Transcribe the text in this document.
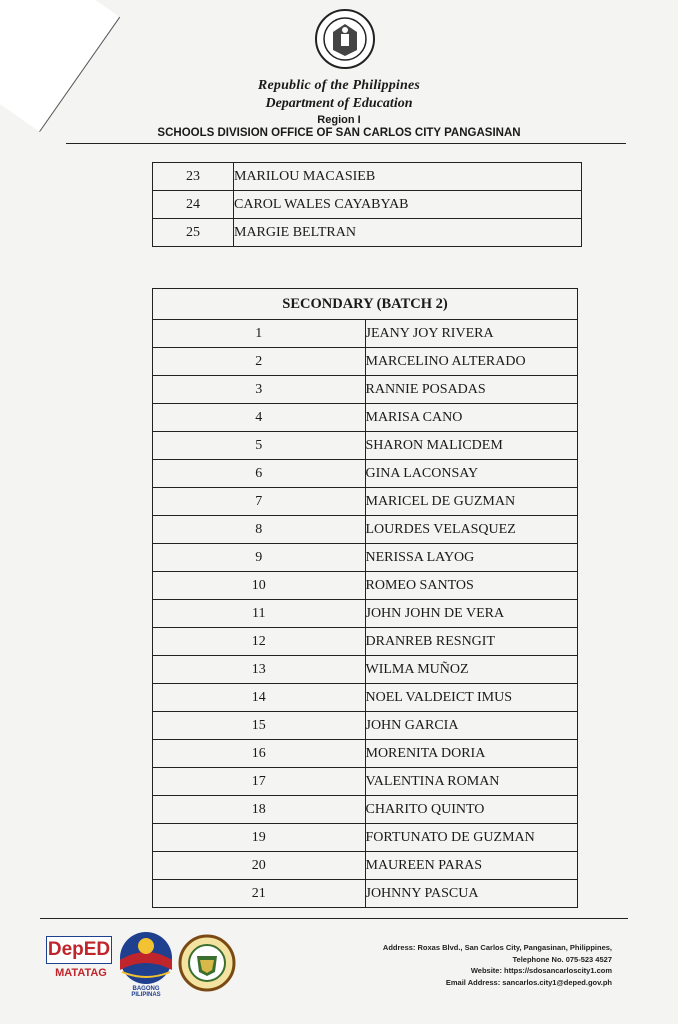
Republic of the Philippines
Department of Education
Region I
SCHOOLS DIVISION OFFICE OF SAN CARLOS CITY PANGASINAN
23	MARILOU MACASIEB
24	CAROL WALES CAYABYAB
25	MARGIE BELTRAN
SECONDARY (BATCH 2)	
1	JEANY JOY RIVERA
2	MARCELINO ALTERADO
3	RANNIE POSADAS
4	MARISA CANO
5	SHARON MALICDEM
6	GINA LACONSAY
7	MARICEL DE GUZMAN
8	LOURDES VELASQUEZ
9	NERISSA LAYOG
10	ROMEO SANTOS
11	JOHN JOHN DE VERA
12	DRANREB RESNGIT
13	WILMA MUÑOZ
14	NOEL VALDEICT IMUS
15	JOHN GARCIA
16	MORENITA DORIA
17	VALENTINA ROMAN
18	CHARITO QUINTO
19	FORTUNATO DE GUZMAN
20	MAUREEN PARAS
21	JOHNNY PASCUA
DepED
MATATAG
BAGONG PILIPINAS
Address: Roxas Blvd., San Carlos City, Pangasinan, Philippines,
Telephone No. 075-523 4527
Website: https://sdosancarloscity1.com
Email Address: sancarlos.city1@deped.gov.ph
